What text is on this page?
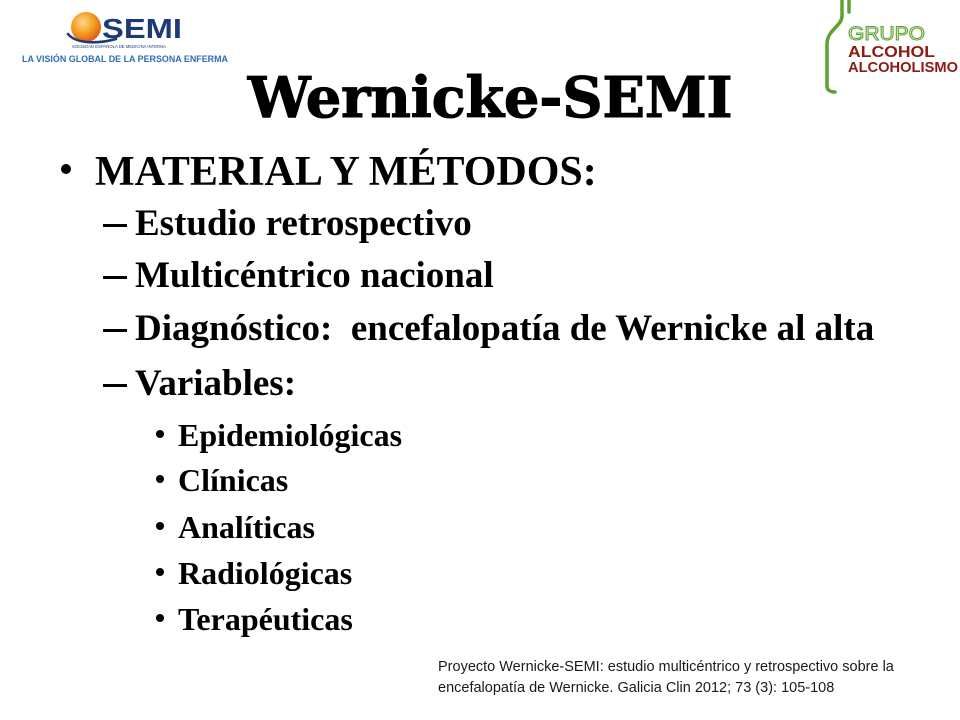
SEMI
SOCIEDAD ESPAÑOLA DE MEDICINA INTERNA
LA VISIÓN GLOBAL DE LA PERSONA ENFERMA
GRUPO
ALCOHOL
ALCOHOLISMO
Wernicke-SEMI
MATERIAL Y MÉTODOS:
Estudio retrospectivo
Multicéntrico nacional
Diagnóstico:  encefalopatía de Wernicke al alta
Variables:
Epidemiológicas
Clínicas
Analíticas
Radiológicas
Terapéuticas
Proyecto Wernicke-SEMI: estudio multicéntrico y retrospectivo sobre la
encefalopatía de Wernicke. Galicia Clin 2012; 73 (3): 105-108
